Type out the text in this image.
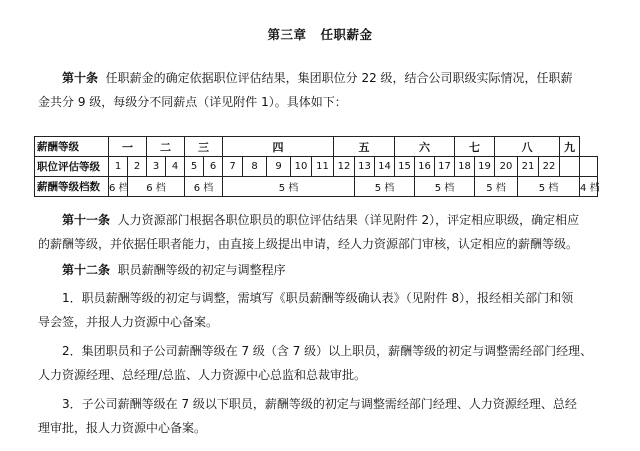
第三章 任职薪金
第十条 任职薪金的确定依据职位评估结果，集团职位分 22 级，结合公司职级实际情况，任职薪
金共分 9 级，每级分不同薪点（详见附件 1）。具体如下：
薪酬等级	一		二		三		四					五			六			七		八			九	
职位评估等级	1	2	3	4	5	6	7	8	9	10	11	12	13	14	15	16	17	18	19	20	21	22		
薪酬等级档数	6 档	6 档			6 档		5 档						5 档			5 档			5 档		5 档			4 档
第十一条 人力资源部门根据各职位职员的职位评估结果（详见附件 2），评定相应职级，确定相应
的薪酬等级，并依据任职者能力，由直接上级提出申请，经人力资源部门审核，认定相应的薪酬等级。
第十二条 职员薪酬等级的初定与调整程序
1．职员薪酬等级的初定与调整，需填写《职员薪酬等级确认表》（见附件 8），报经相关部门和领
导会签，并报人力资源中心备案。
2．集团职员和子公司薪酬等级在 7 级（含 7 级）以上职员，薪酬等级的初定与调整需经部门经理、
人力资源经理、总经理/总监、人力资源中心总监和总裁审批。
3．子公司薪酬等级在 7 级以下职员，薪酬等级的初定与调整需经部门经理、人力资源经理、总经
理审批，报人力资源中心备案。
